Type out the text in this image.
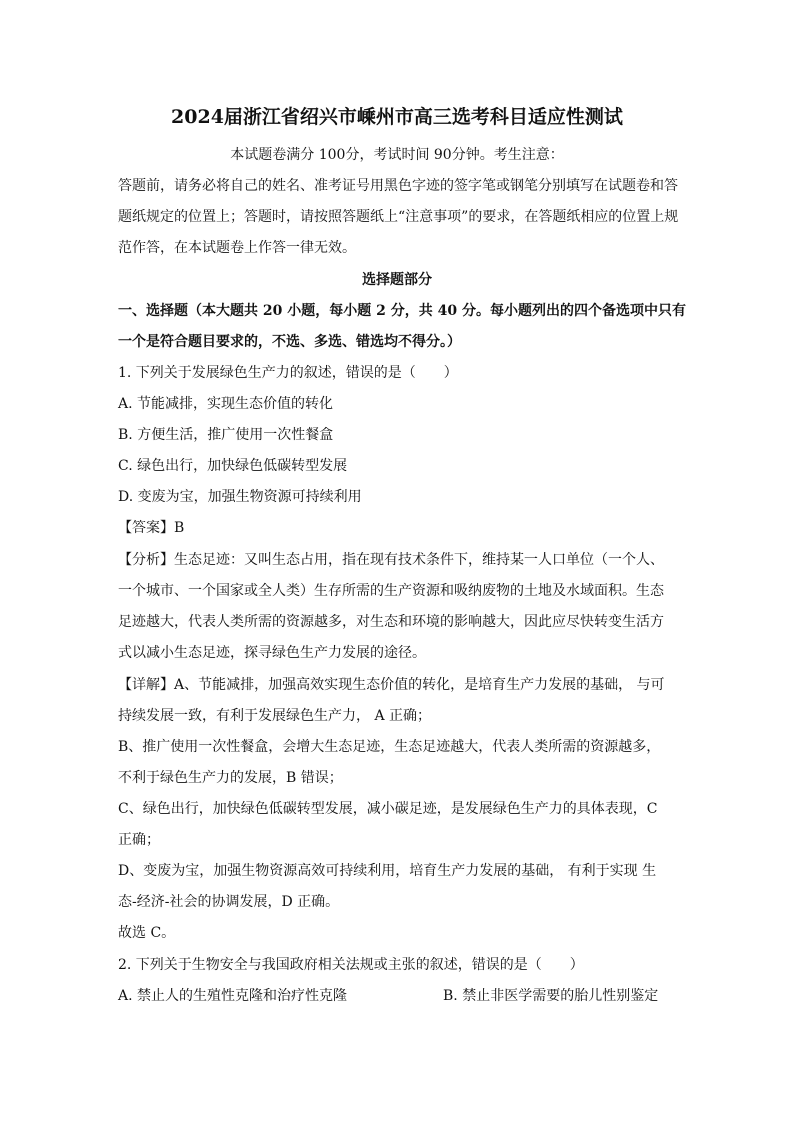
2024届浙江省绍兴市嵊州市高三选考科目适应性测试
本试题卷满分 100分，考试时间 90分钟。考生注意：
答题前，请务必将自己的姓名、准考证号用黑色字迹的签字笔或钢笔分别填写在试题卷和答
题纸规定的位置上；答题时，请按照答题纸上“注意事项”的要求，在答题纸相应的位置上规
范作答，在本试题卷上作答一律无效。
选择题部分
一、选择题（本大题共 20 小题，每小题 2 分，共 40 分。每小题列出的四个备选项中只有
一个是符合题目要求的，不选、多选、错选均不得分。）
1. 下列关于发展绿色生产力的叙述，错误的是（　　）
A. 节能减排，实现生态价值的转化
B. 方便生活，推广使用一次性餐盒
C. 绿色出行，加快绿色低碳转型发展
D. 变废为宝，加强生物资源可持续利用
【答案】B
【分析】生态足迹：又叫生态占用，指在现有技术条件下，维持某一人口单位（一个人、
一个城市、一个国家或全人类）生存所需的生产资源和吸纳废物的土地及水域面积。生态
足迹越大，代表人类所需的资源越多，对生态和环境的影响越大，因此应尽快转变生活方
式以减小生态足迹，探寻绿色生产力发展的途径。
【详解】A、节能减排，加强高效实现生态价值的转化，是培育生产力发展的基础， 与可
持续发展一致，有利于发展绿色生产力， A 正确；
B、推广使用一次性餐盒，会增大生态足迹，生态足迹越大，代表人类所需的资源越多，
不利于绿色生产力的发展，B 错误；
C、绿色出行，加快绿色低碳转型发展，减小碳足迹，是发展绿色生产力的具体表现，C
正确；
D、变废为宝，加强生物资源高效可持续利用，培育生产力发展的基础， 有利于实现 生
态-经济-社会的协调发展，D 正确。
故选 C。
2. 下列关于生物安全与我国政府相关法规或主张的叙述，错误的是（　　）
A. 禁止人的生殖性克隆和治疗性克隆	B. 禁止非医学需要的胎儿性别鉴定
